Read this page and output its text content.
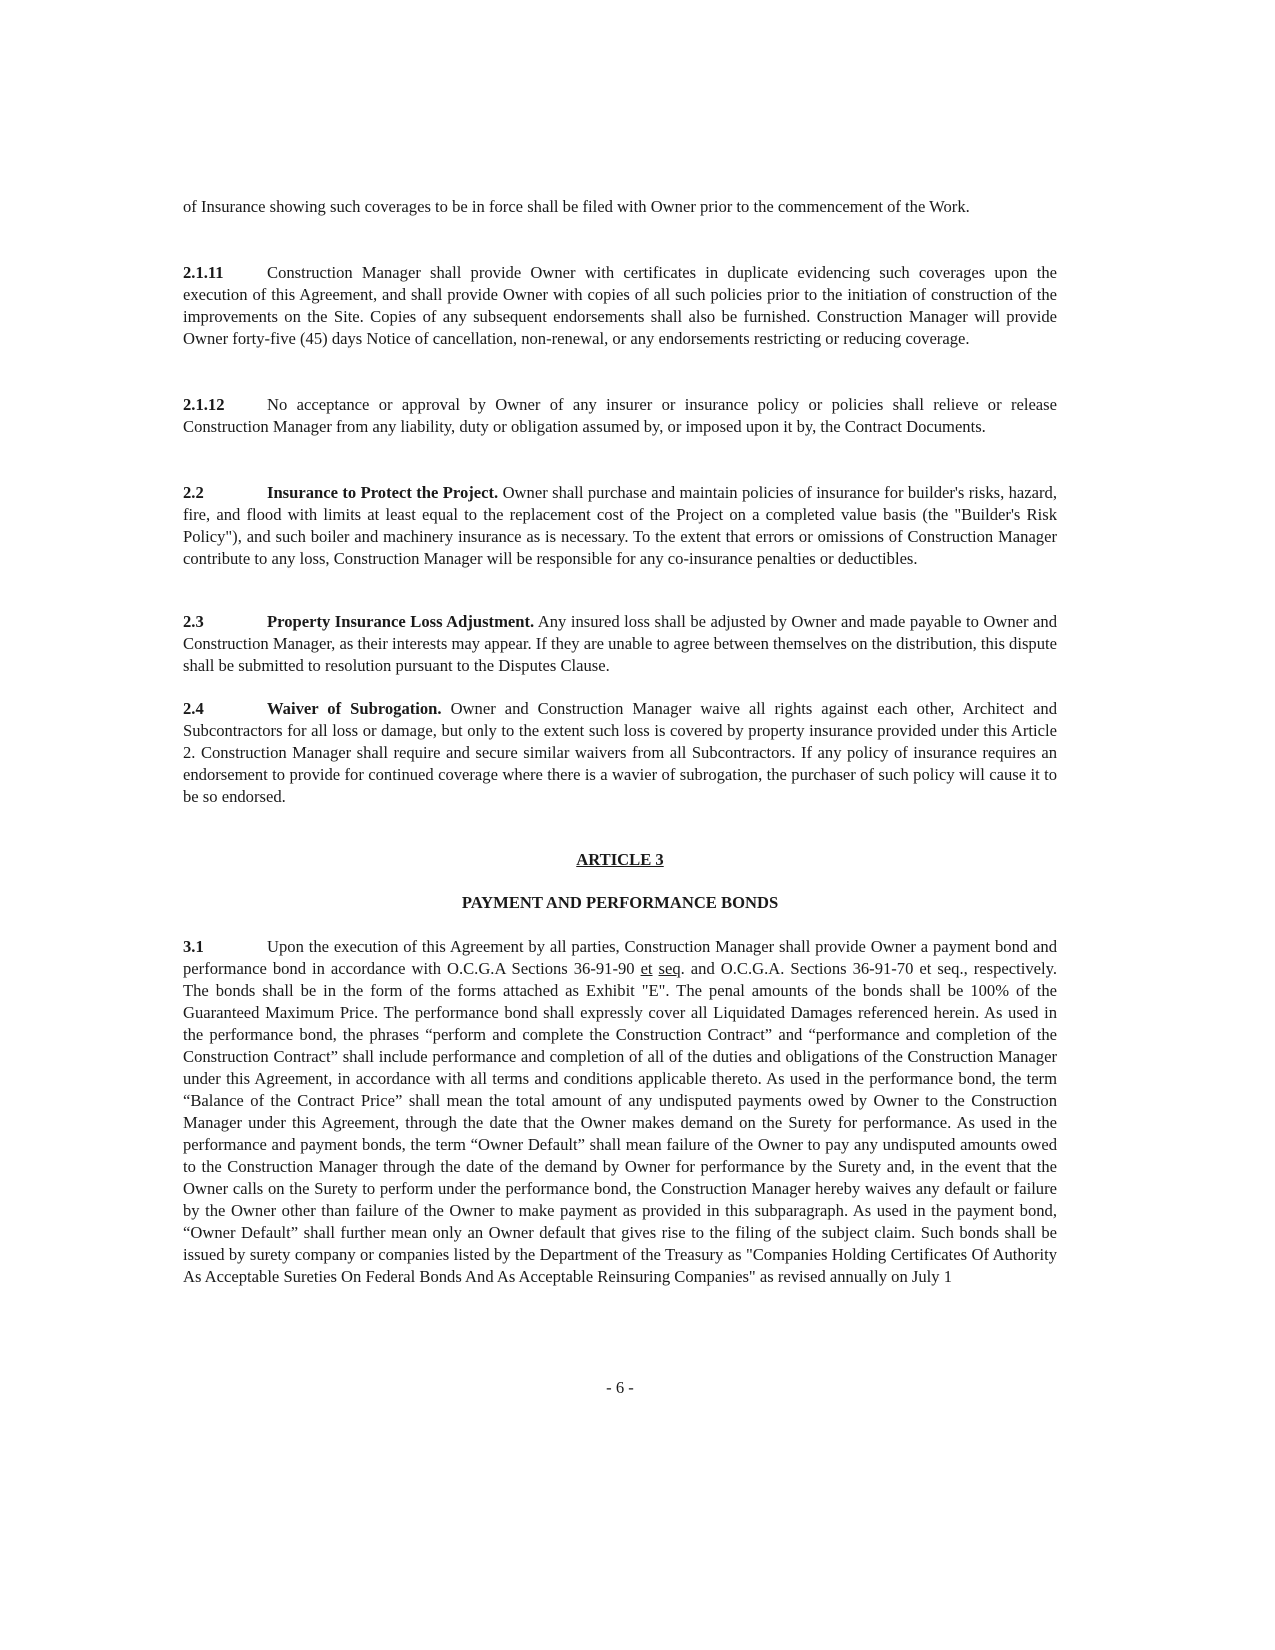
of Insurance showing such coverages to be in force shall be filed with Owner prior to the commencement of the Work.
2.1.11	Construction Manager shall provide Owner with certificates in duplicate evidencing such coverages upon the execution of this Agreement, and shall provide Owner with copies of all such policies prior to the initiation of construction of the improvements on the Site. Copies of any subsequent endorsements shall also be furnished. Construction Manager will provide Owner forty-five (45) days Notice of cancellation, non-renewal, or any endorsements restricting or reducing coverage.
2.1.12	No acceptance or approval by Owner of any insurer or insurance policy or policies shall relieve or release Construction Manager from any liability, duty or obligation assumed by, or imposed upon it by, the Contract Documents.
2.2	Insurance to Protect the Project. Owner shall purchase and maintain policies of insurance for builder's risks, hazard, fire, and flood with limits at least equal to the replacement cost of the Project on a completed value basis (the "Builder's Risk Policy"), and such boiler and machinery insurance as is necessary. To the extent that errors or omissions of Construction Manager contribute to any loss, Construction Manager will be responsible for any co-insurance penalties or deductibles.
2.3	Property Insurance Loss Adjustment. Any insured loss shall be adjusted by Owner and made payable to Owner and Construction Manager, as their interests may appear. If they are unable to agree between themselves on the distribution, this dispute shall be submitted to resolution pursuant to the Disputes Clause.
2.4	Waiver of Subrogation. Owner and Construction Manager waive all rights against each other, Architect and Subcontractors for all loss or damage, but only to the extent such loss is covered by property insurance provided under this Article 2. Construction Manager shall require and secure similar waivers from all Subcontractors. If any policy of insurance requires an endorsement to provide for continued coverage where there is a wavier of subrogation, the purchaser of such policy will cause it to be so endorsed.
ARTICLE 3
PAYMENT AND PERFORMANCE BONDS
3.1	Upon the execution of this Agreement by all parties, Construction Manager shall provide Owner a payment bond and performance bond in accordance with O.C.G.A Sections 36-91-90 et seq. and O.C.G.A. Sections 36-91-70 et seq., respectively. The bonds shall be in the form of the forms attached as Exhibit "E". The penal amounts of the bonds shall be 100% of the Guaranteed Maximum Price. The performance bond shall expressly cover all Liquidated Damages referenced herein. As used in the performance bond, the phrases “perform and complete the Construction Contract” and “performance and completion of the Construction Contract” shall include performance and completion of all of the duties and obligations of the Construction Manager under this Agreement, in accordance with all terms and conditions applicable thereto. As used in the performance bond, the term “Balance of the Contract Price” shall mean the total amount of any undisputed payments owed by Owner to the Construction Manager under this Agreement, through the date that the Owner makes demand on the Surety for performance. As used in the performance and payment bonds, the term “Owner Default” shall mean failure of the Owner to pay any undisputed amounts owed to the Construction Manager through the date of the demand by Owner for performance by the Surety and, in the event that the Owner calls on the Surety to perform under the performance bond, the Construction Manager hereby waives any default or failure by the Owner other than failure of the Owner to make payment as provided in this subparagraph. As used in the payment bond, “Owner Default” shall further mean only an Owner default that gives rise to the filing of the subject claim. Such bonds shall be issued by surety company or companies listed by the Department of the Treasury as "Companies Holding Certificates Of Authority As Acceptable Sureties On Federal Bonds And As Acceptable Reinsuring Companies" as revised annually on July 1
- 6 -
